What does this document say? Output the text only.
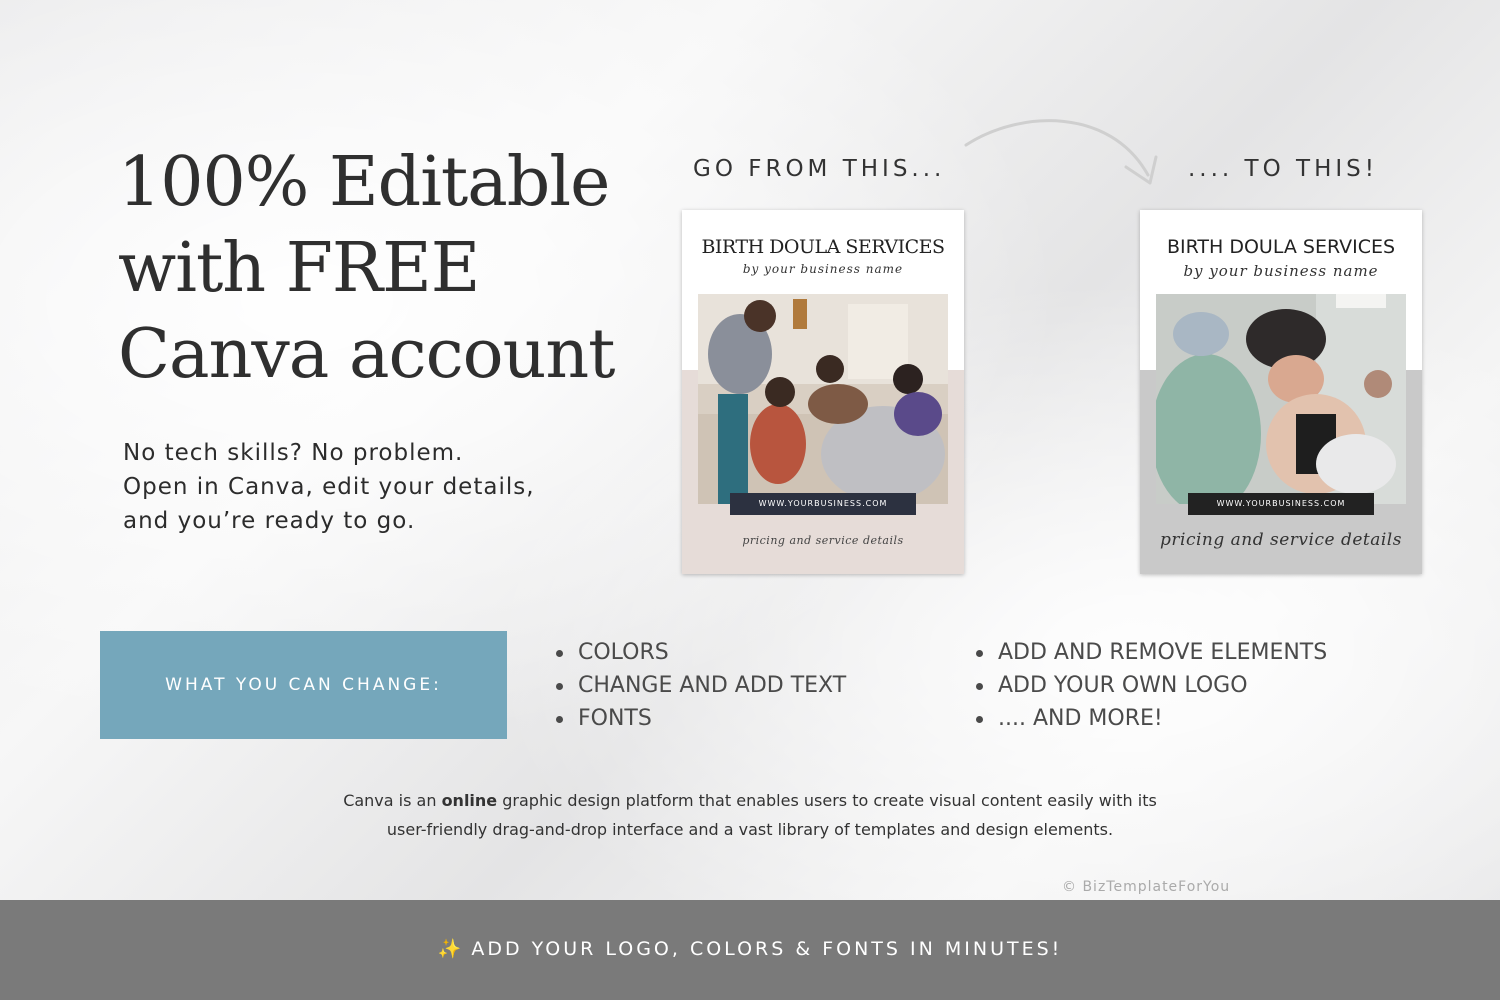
100% Editable
with FREE
Canva account
No tech skills? No problem.
Open in Canva, edit your details,
and you’re ready to go.
GO FROM THIS...	.... TO THIS!
BIRTH DOULA SERVICES
by your business name
WWW.YOURBUSINESS.COM
pricing and service details
BIRTH DOULA SERVICES
by your business name
WWW.YOURBUSINESS.COM
pricing and service details
WHAT YOU CAN CHANGE:
COLORS
CHANGE AND ADD TEXT
FONTS
ADD AND REMOVE ELEMENTS
ADD YOUR OWN LOGO
.... AND MORE!
Canva is an online graphic design platform that enables users to create visual content easily with its
user-friendly drag-and-drop interface and a vast library of templates and design elements.
© BizTemplateForYou
✨ ADD YOUR LOGO, COLORS & FONTS IN MINUTES!
